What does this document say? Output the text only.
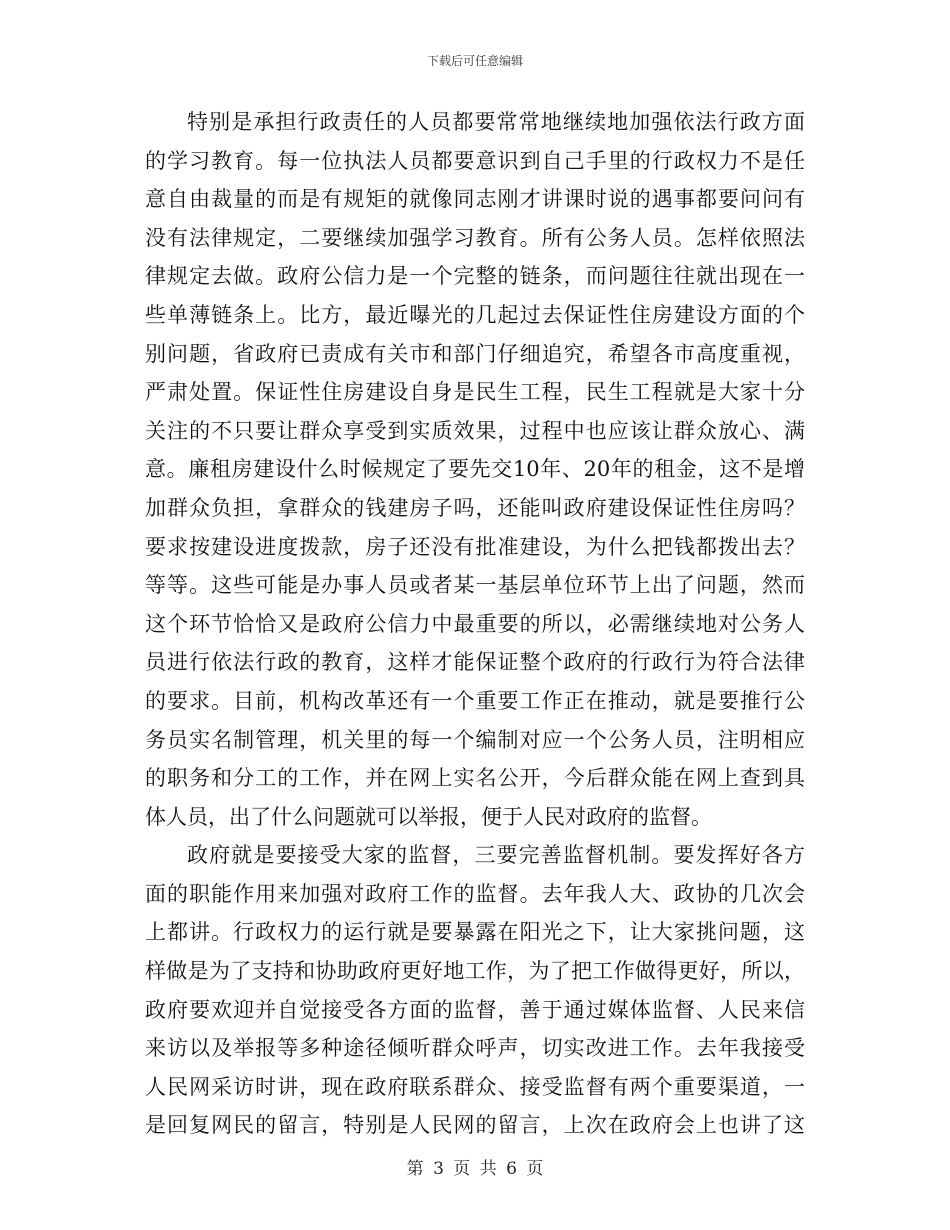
下载后可任意编辑
特别是承担行政责任的人员都要常常地继续地加强依法行政方面
的学习教育。每一位执法人员都要意识到自己手里的行政权力不是任
意自由裁量的而是有规矩的就像同志刚才讲课时说的遇事都要问问有
没有法律规定，二要继续加强学习教育。所有公务人员。怎样依照法
律规定去做。政府公信力是一个完整的链条，而问题往往就出现在一
些单薄链条上。比方，最近曝光的几起过去保证性住房建设方面的个
别问题，省政府已责成有关市和部门仔细追究，希望各市高度重视，
严肃处置。保证性住房建设自身是民生工程，民生工程就是大家十分
关注的不只要让群众享受到实质效果，过程中也应该让群众放心、满
意。廉租房建设什么时候规定了要先交10年、20年的租金，这不是增
加群众负担，拿群众的钱建房子吗，还能叫政府建设保证性住房吗？
要求按建设进度拨款，房子还没有批准建设，为什么把钱都拨出去？
等等。这些可能是办事人员或者某一基层单位环节上出了问题，然而
这个环节恰恰又是政府公信力中最重要的所以，必需继续地对公务人
员进行依法行政的教育，这样才能保证整个政府的行政行为符合法律
的要求。目前，机构改革还有一个重要工作正在推动，就是要推行公
务员实名制管理，机关里的每一个编制对应一个公务人员，注明相应
的职务和分工的工作，并在网上实名公开，今后群众能在网上查到具
体人员，出了什么问题就可以举报，便于人民对政府的监督。
政府就是要接受大家的监督，三要完善监督机制。要发挥好各方
面的职能作用来加强对政府工作的监督。去年我人大、政协的几次会
上都讲。行政权力的运行就是要暴露在阳光之下，让大家挑问题，这
样做是为了支持和协助政府更好地工作，为了把工作做得更好，所以，
政府要欢迎并自觉接受各方面的监督，善于通过媒体监督、人民来信
来访以及举报等多种途径倾听群众呼声，切实改进工作。去年我接受
人民网采访时讲，现在政府联系群众、接受监督有两个重要渠道，一
是回复网民的留言，特别是人民网的留言，上次在政府会上也讲了这
第 3 页 共 6 页
